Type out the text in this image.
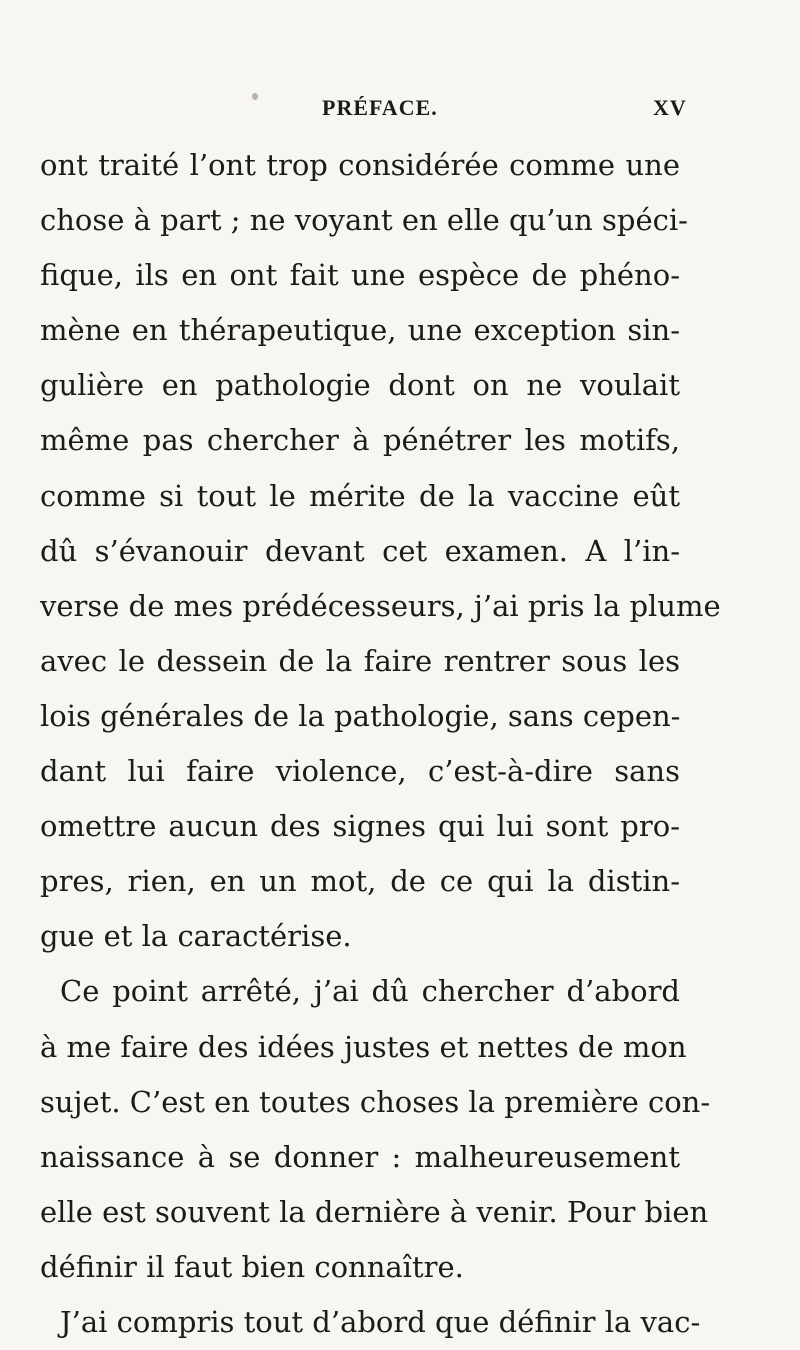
PRÉFACE.	XV
ont traité l’ont trop considérée comme une
chose à part ; ne voyant en elle qu’un spéci-
fique, ils en ont fait une espèce de phéno-
mène en thérapeutique, une exception sin-
gulière en pathologie dont on ne voulait
même pas chercher à pénétrer les motifs,
comme si tout le mérite de la vaccine eût
dû s’évanouir devant cet examen. A l’in-
verse de mes prédécesseurs, j’ai pris la plume
avec le dessein de la faire rentrer sous les
lois générales de la pathologie, sans cepen-
dant lui faire violence, c’est-à-dire sans
omettre aucun des signes qui lui sont pro-
pres, rien, en un mot, de ce qui la distin-
gue et la caractérise.
Ce point arrêté, j’ai dû chercher d’abord
à me faire des idées justes et nettes de mon
sujet. C’est en toutes choses la première con-
naissance à se donner : malheureusement
elle est souvent la dernière à venir. Pour bien
définir il faut bien connaître.
J’ai compris tout d’abord que définir la vac-
